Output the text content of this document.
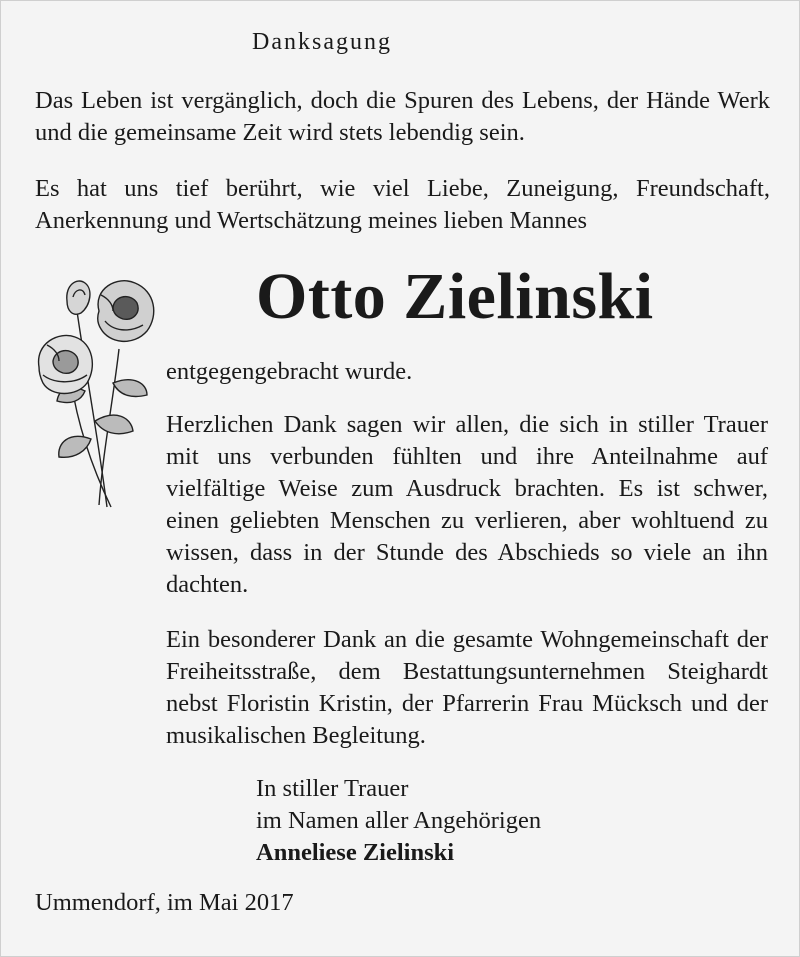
Danksagung
Das Leben ist vergänglich, doch die Spuren des Lebens, der Hände Werk und die gemeinsame Zeit wird stets lebendig sein.
Es hat uns tief berührt, wie viel Liebe, Zuneigung, Freundschaft, Anerkennung und Wertschätzung meines lieben Mannes
Otto Zielinski
entgegengebracht wurde.
Herzlichen Dank sagen wir allen, die sich in stiller Trauer mit uns verbunden fühlten und ihre Anteilnahme auf vielfältige Weise zum Ausdruck brachten. Es ist schwer, einen geliebten Menschen zu verlieren, aber wohltuend zu wissen, dass in der Stunde des Abschieds so viele an ihn dachten.
Ein besonderer Dank an die gesamte Wohngemeinschaft der Freiheitsstraße, dem Bestattungsunternehmen Steighardt nebst Floristin Kristin, der Pfarrerin Frau Mücksch und der musikalischen Begleitung.
In stiller Trauer
im Namen aller Angehörigen
Anneliese Zielinski
Ummendorf, im Mai 2017
